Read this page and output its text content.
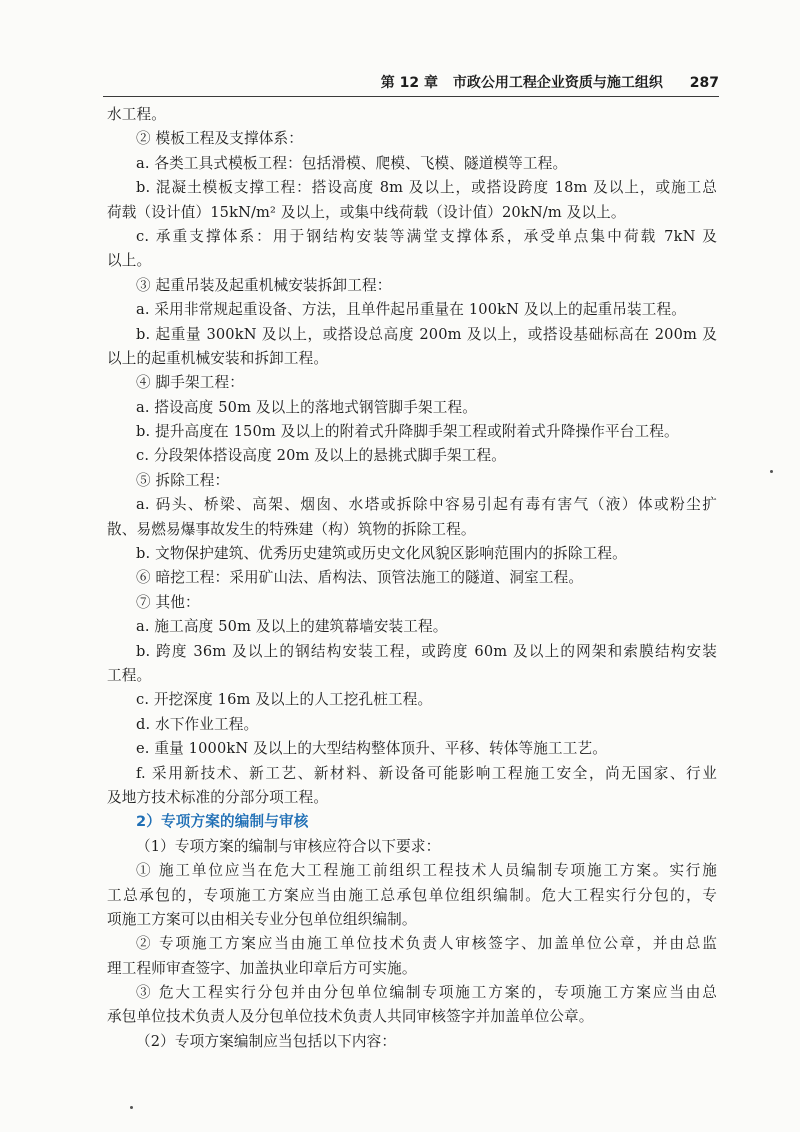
第 12 章 市政公用工程企业资质与施工组织 287
水工程。
② 模板工程及支撑体系：
a. 各类工具式模板工程：包括滑模、爬模、飞模、隧道模等工程。
b. 混凝土模板支撑工程：搭设高度 8m 及以上，或搭设跨度 18m 及以上，或施工总
荷载（设计值）15kN/m² 及以上，或集中线荷载（设计值）20kN/m 及以上。
c. 承重支撑体系：用于钢结构安装等满堂支撑体系，承受单点集中荷载 7kN 及
以上。
③ 起重吊装及起重机械安装拆卸工程：
a. 采用非常规起重设备、方法，且单件起吊重量在 100kN 及以上的起重吊装工程。
b. 起重量 300kN 及以上，或搭设总高度 200m 及以上，或搭设基础标高在 200m 及
以上的起重机械安装和拆卸工程。
④ 脚手架工程：
a. 搭设高度 50m 及以上的落地式钢管脚手架工程。
b. 提升高度在 150m 及以上的附着式升降脚手架工程或附着式升降操作平台工程。
c. 分段架体搭设高度 20m 及以上的悬挑式脚手架工程。
⑤ 拆除工程：
a. 码头、桥梁、高架、烟囱、水塔或拆除中容易引起有毒有害气（液）体或粉尘扩
散、易燃易爆事故发生的特殊建（构）筑物的拆除工程。
b. 文物保护建筑、优秀历史建筑或历史文化风貌区影响范围内的拆除工程。
⑥ 暗挖工程：采用矿山法、盾构法、顶管法施工的隧道、洞室工程。
⑦ 其他：
a. 施工高度 50m 及以上的建筑幕墙安装工程。
b. 跨度 36m 及以上的钢结构安装工程，或跨度 60m 及以上的网架和索膜结构安装
工程。
c. 开挖深度 16m 及以上的人工挖孔桩工程。
d. 水下作业工程。
e. 重量 1000kN 及以上的大型结构整体顶升、平移、转体等施工工艺。
f. 采用新技术、新工艺、新材料、新设备可能影响工程施工安全，尚无国家、行业
及地方技术标准的分部分项工程。
2）专项方案的编制与审核
（1）专项方案的编制与审核应符合以下要求：
① 施工单位应当在危大工程施工前组织工程技术人员编制专项施工方案。实行施
工总承包的，专项施工方案应当由施工总承包单位组织编制。危大工程实行分包的，专
项施工方案可以由相关专业分包单位组织编制。
② 专项施工方案应当由施工单位技术负责人审核签字、加盖单位公章，并由总监
理工程师审查签字、加盖执业印章后方可实施。
③ 危大工程实行分包并由分包单位编制专项施工方案的，专项施工方案应当由总
承包单位技术负责人及分包单位技术负责人共同审核签字并加盖单位公章。
（2）专项方案编制应当包括以下内容：
